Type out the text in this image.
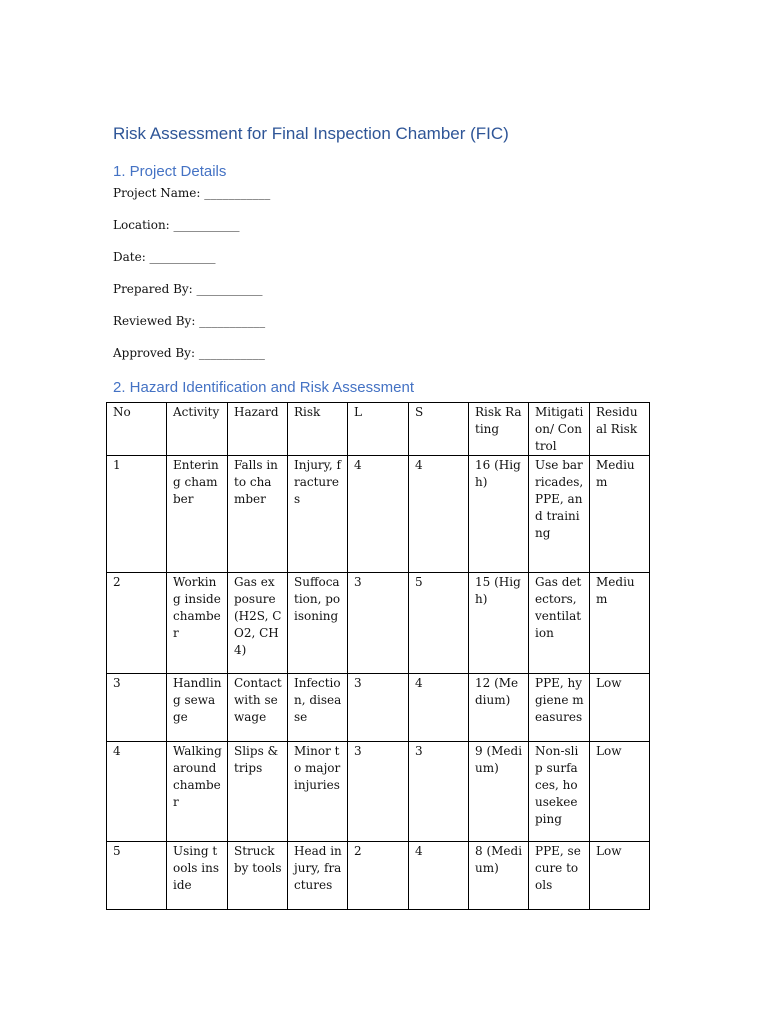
Risk Assessment for Final Inspection Chamber (FIC)
1. Project Details

Project Name: ___________

Location: ___________

Date: ___________

Prepared By: ___________

Reviewed By: ___________

Approved By: ___________

2. Hazard Identification and Risk Assessment
No	Activity	Hazard	Risk	L	S	Risk Rating	Mitigation/ Control	Residual Risk
1	Entering chamber	Falls into chamber	Injury, fractures	4	4	16 (High)	Use barricades, PPE, and training	Medium
2	Working inside chamber	Gas exposure (H2S, CO2, CH4)	Suffocation, poisoning	3	5	15 (High)	Gas detectors, ventilation	Medium
3	Handling sewage	Contact with sewage	Infection, disease	3	4	12 (Medium)	PPE, hygiene measures	Low
4	Walking around chamber	Slips & trips	Minor to major injuries	3	3	9 (Medium)	Non-slip surfaces, housekeeping	Low
5	Using tools inside	Struck by tools	Head injury, fractures	2	4	8 (Medium)	PPE, secure tools	Low
